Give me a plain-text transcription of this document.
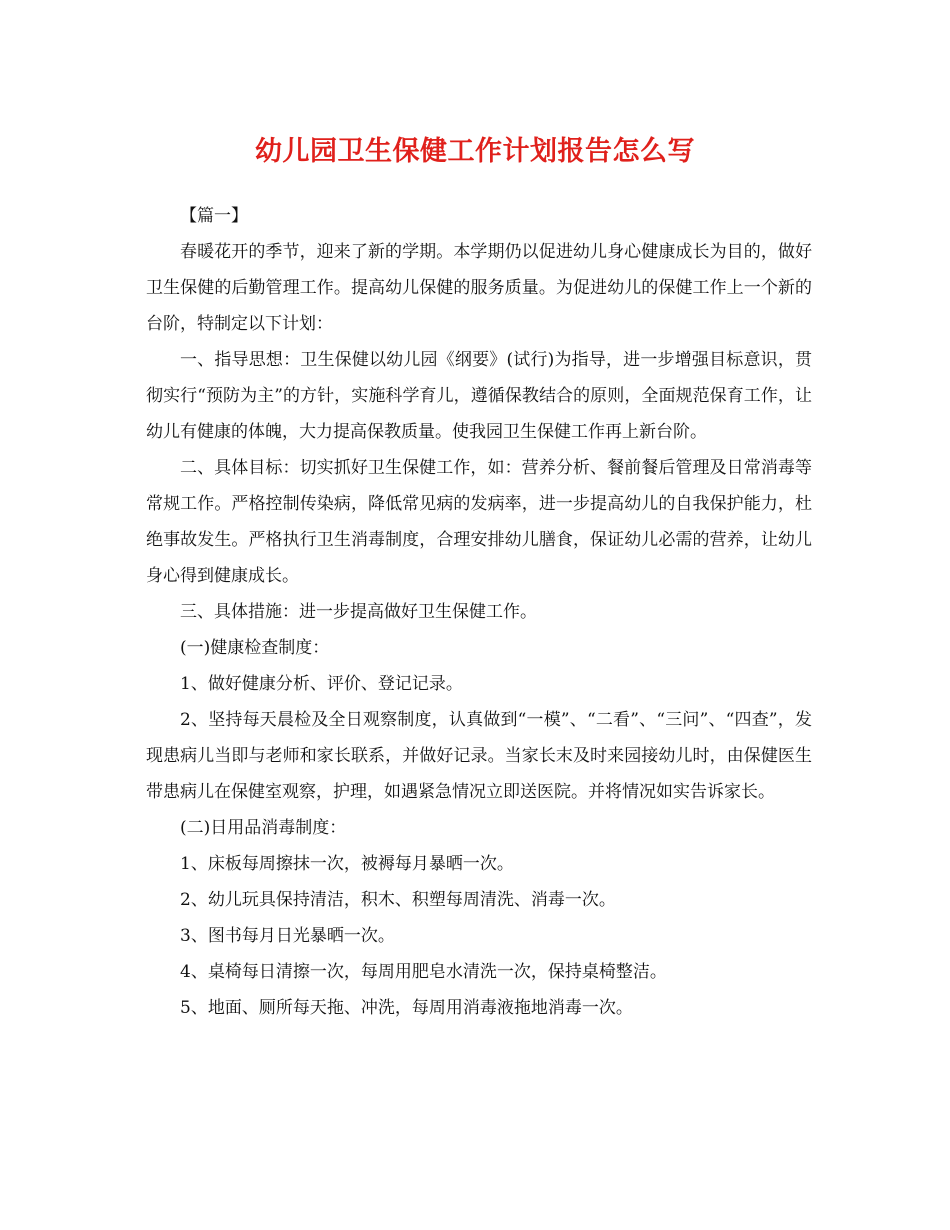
幼儿园卫生保健工作计划报告怎么写

【篇一】

春暖花开的季节，迎来了新的学期。本学期仍以促进幼儿身心健康成长为目的，做好卫生保健的后勤管理工作。提高幼儿保健的服务质量。为促进幼儿的保健工作上一个新的台阶，特制定以下计划：

一、指导思想：卫生保健以幼儿园《纲要》(试行)为指导，进一步增强目标意识，贯彻实行“预防为主”的方针，实施科学育儿，遵循保教结合的原则，全面规范保育工作，让幼儿有健康的体魄，大力提高保教质量。使我园卫生保健工作再上新台阶。

二、具体目标：切实抓好卫生保健工作，如：营养分析、餐前餐后管理及日常消毒等常规工作。严格控制传染病，降低常见病的发病率，进一步提高幼儿的自我保护能力，杜绝事故发生。严格执行卫生消毒制度，合理安排幼儿膳食，保证幼儿必需的营养，让幼儿身心得到健康成长。

三、具体措施：进一步提高做好卫生保健工作。

(一)健康检查制度：

1、做好健康分析、评价、登记记录。

2、坚持每天晨检及全日观察制度，认真做到“一模”、“二看”、“三问”、“四查”，发现患病儿当即与老师和家长联系，并做好记录。当家长末及时来园接幼儿时，由保健医生带患病儿在保健室观察，护理，如遇紧急情况立即送医院。并将情况如实告诉家长。

(二)日用品消毒制度：

1、床板每周擦抹一次，被褥每月暴晒一次。

2、幼儿玩具保持清洁，积木、积塑每周清洗、消毒一次。

3、图书每月日光暴晒一次。

4、桌椅每日清擦一次，每周用肥皂水清洗一次，保持桌椅整洁。

5、地面、厕所每天拖、冲洗，每周用消毒液拖地消毒一次。
